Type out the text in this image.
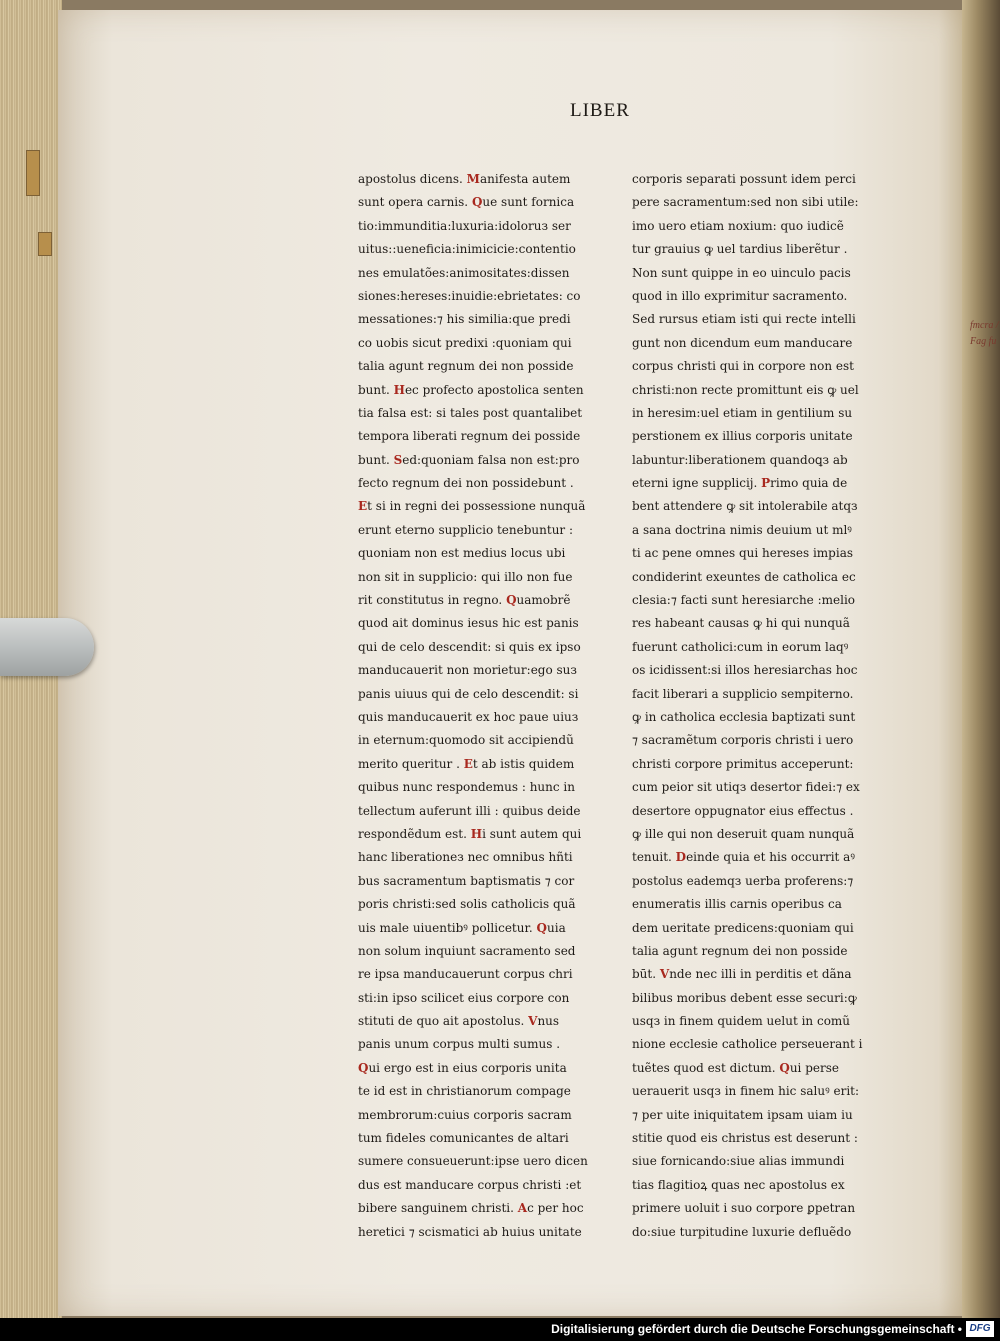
LIBER
apostolus dicens. Manifesta autem
sunt opera carnis. Que sunt fornica
tio:immunditia:luxuria:idoloruз ser
uitus::ueneficia:inimicicie:contentio
nes emulatões:animositates:dissen
siones:hereses:inuidie:ebrietates: co
messationes:⁊ his similia:que predi
co uobis sicut predixi :quoniam qui
talia agunt regnum dei non possіde
bunt. Hec profecto apostolica senten
tia falsa est: si tales post quantalibet
tempora liberati regnum dei possіde
bunt. Sed:quoniam falsa non est:pro
fecto regnum dei non possidebunt .
Et si in regni dei possessione nunquã
erunt eterno supplicio tenebuntur :
quoniam non est medius locus ubi
non sit in supplicio: qui illo non fue
rit constitutus in regno. Quamobrẽ
quod ait dominus iesus hic est panis
qui de celo descendit: si quis ex ipso
manducauerit non morietur:ego suз
panis uiuus qui de celo descendit: si
quis manducauerit ex hoc paue uiuз
in eternum:quomodo sit accipiendũ
merito queritur . Et ab istis quidem
quibus nunc respondemus : hunc in
tellectum auferunt illi : quibus deide
respondẽdum est. Hi sunt autem qui
hanc liberationeз nec omnibus hñti
bus sacramentum baptismatis ⁊ cor
poris christi:sed solis catholicis quã
uis male uiuentibꝰ pollicetur. Quia
non solum inquiunt sacramento sed
re ipsa manducauerunt corpus chri
sti:in ipso scilicet eius corpore con
stituti de quo ait apostolus. Vnus
panis unum corpus multi sumus .
Qui ergo est in eius corporis unita
te id est in christianorum compage
membrorum:cuius corporis sacram
tum fideles comunicantes de altari
sumere consueuerunt:ipse uero dicen
dus est manducare corpus christi :et
bibere sanguinem christi. Ac per hoc
heretici ⁊ scismatici ab huius unitate
corporis separati possunt idem perci
pere sacramentum:sed non sibi utile:
imo uero etiam noxium: quo iudicẽ
tur grauius ꝙ uel tardius liberẽtur .
Non sunt quippe in eo uinculo pacis
quod in illo exprimitur sacramento.
Sed rursus etiam isti qui recte intelli
gunt non dicendum eum manducare
corpus christi qui in corpore non est
christi:non recte promittunt eis ꝙ uel
in heresim:uel etiam in gentilium su
perstionem ex illius corporis unitate
labuntur:liberationem quandoꝗз ab
eterni igne supplicij. Primo quia de
bent attendere ꝙ sit intolerabile atqз
a sana doctrina nimis deuium ut mlꝰ
ti ac pene omnes qui hereses impias
condiderint exeuntes de catholica ec
clesia:⁊ facti sunt heresiarche :melio
res habeant causas ꝙ hi qui nunquã
fuerunt catholici:cum in eorum laqꝰ
os icidissent:si illos heresiarchas hoc
facit liberari a supplicio sempiterno.
ꝙ in catholica ecclesia baptizati sunt
⁊ sacramẽtum corporis christi i uero
christi corpore primitus acceperunt:
cum peior sit utiqз desertor fidei:⁊ ex
desertore oppugnator eius effectus .
ꝙ ille qui non deseruit quam nunquã
tenuit. Deinde quia et his occurrit aꝰ
postolus eademqз uerba proferens:⁊
enumeratis illis carnis operibus ca
dem ueritate predicens:quoniam qui
talia agunt regnum dei non possіde
būt. Vnde nec illi in perditis et dãna
bilibus moribus debent esse securi:ꝙ
usqз in finem quidem uelut in comũ
nione ecclesie catholice perseuerant i
tuẽtes quod est dictum. Qui perse
uerauerit usqз in finem hic saluꝰ erit:
⁊ per uite iniquitatem ipsam uiam iu
stitie quod eis christus est deserunt :
siue fornicando:siue alias immundi
tias flagitioꝝ quas nec apostolus ex
primere uoluit i suo corpore ꝑpetran
do:siue turpitudine luxurie defluẽdo
fmcra / Fag fu
Digitalisierung gefördert durch die Deutsche Forschungsgemeinschaft • DFG
